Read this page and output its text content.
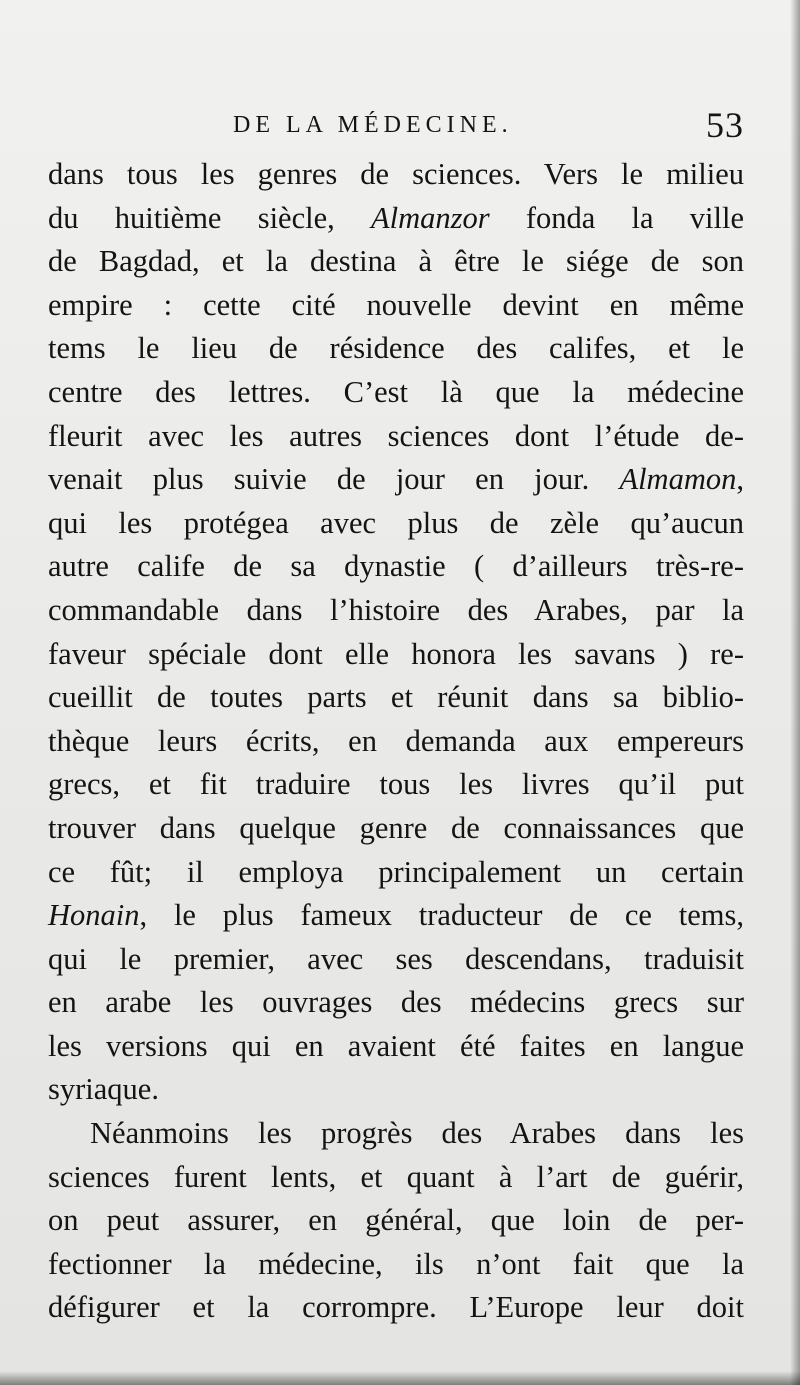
DE LA MÉDECINE.	53
dans tous les genres de sciences. Vers le milieu
du huitième siècle, Almanzor fonda la ville
de Bagdad, et la destina à être le siége de son
empire : cette cité nouvelle devint en même
tems le lieu de résidence des califes, et le
centre des lettres. C’est là que la médecine
fleurit avec les autres sciences dont l’étude de-
venait plus suivie de jour en jour. Almamon,
qui les protégea avec plus de zèle qu’aucun
autre calife de sa dynastie ( d’ailleurs très-re-
commandable dans l’histoire des Arabes, par la
faveur spéciale dont elle honora les savans ) re-
cueillit de toutes parts et réunit dans sa biblio-
thèque leurs écrits, en demanda aux empereurs
grecs, et fit traduire tous les livres qu’il put
trouver dans quelque genre de connaissances que
ce fût; il employa principalement un certain
Honain, le plus fameux traducteur de ce tems,
qui le premier, avec ses descendans, traduisit
en arabe les ouvrages des médecins grecs sur
les versions qui en avaient été faites en langue
syriaque.
Néanmoins les progrès des Arabes dans les
sciences furent lents, et quant à l’art de guérir,
on peut assurer, en général, que loin de per-
fectionner la médecine, ils n’ont fait que la
défigurer et la corrompre. L’Europe leur doit
